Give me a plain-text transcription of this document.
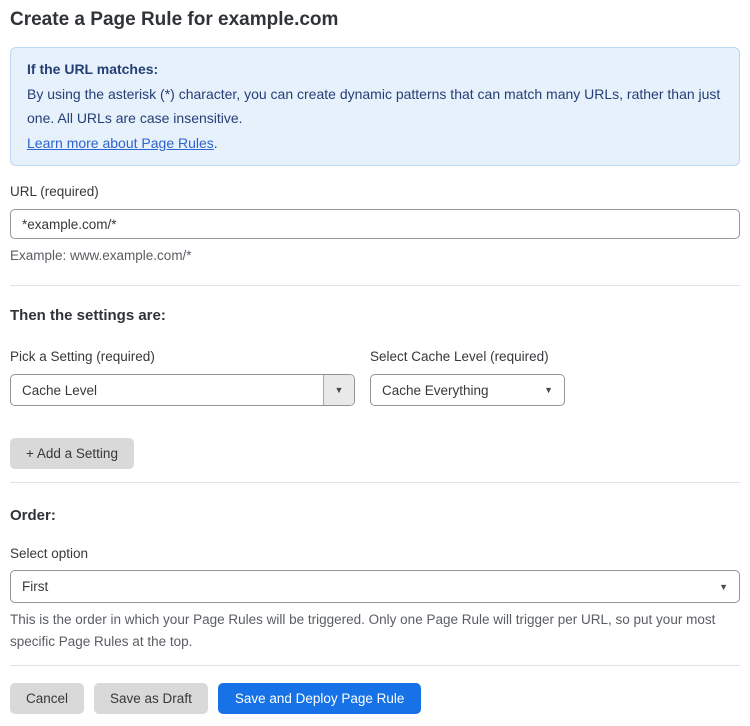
Create a Page Rule for example.com
If the URL matches:
By using the asterisk (*) character, you can create dynamic patterns that can match many URLs, rather than just one. All URLs are case insensitive.
Learn more about Page Rules.
URL (required)
*example.com/*
Example: www.example.com/*
Then the settings are:
Pick a Setting (required)
Cache Level	▼
Select Cache Level (required)
Cache Everything	▼
+ Add a Setting
Order:
Select option
First	▼
This is the order in which your Page Rules will be triggered. Only one Page Rule will trigger per URL, so put your most specific Page Rules at the top.
Cancel	Save as Draft	Save and Deploy Page Rule
